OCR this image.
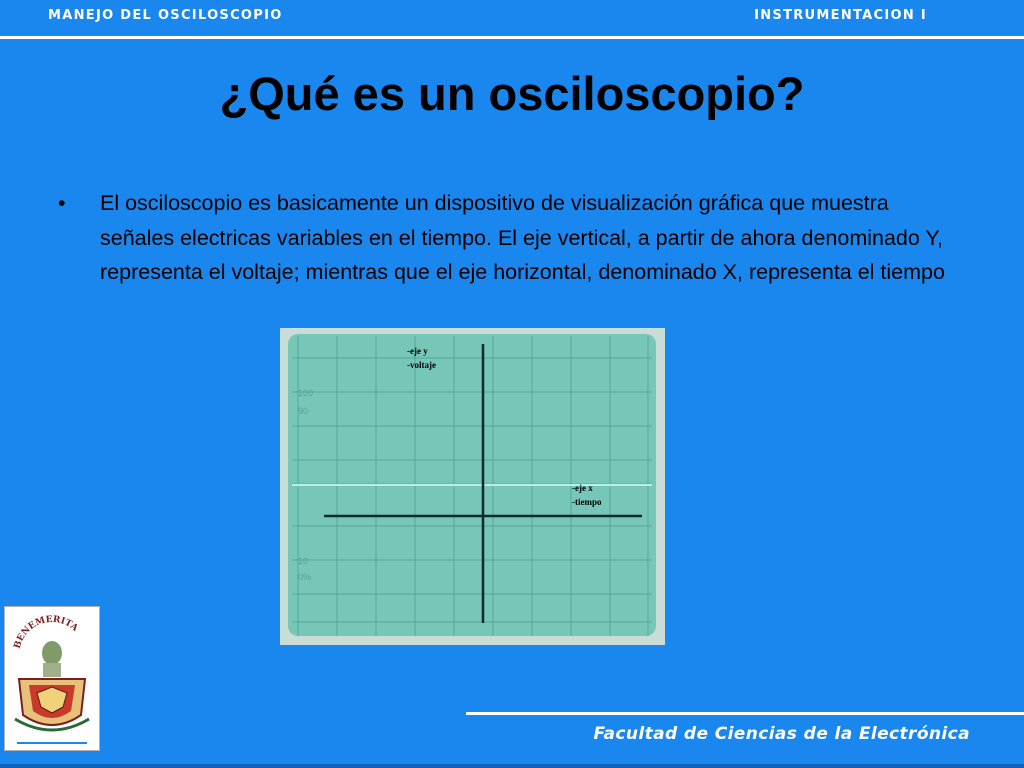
MANEJO DEL OSCILOSCOPIO	INSTRUMENTACION I
¿Qué es un osciloscopio?
• El osciloscopio es basicamente un dispositivo de visualización gráfica que muestra señales electricas variables en el tiempo. El eje vertical, a partir de ahora denominado Y, representa el voltaje; mientras que el eje horizontal, denominado X, representa el tiempo
100
90
10
0%
-eje y
-voltaje
-eje x
-tiempo
BENEMERITA
Facultad de Ciencias de la Electrónica
